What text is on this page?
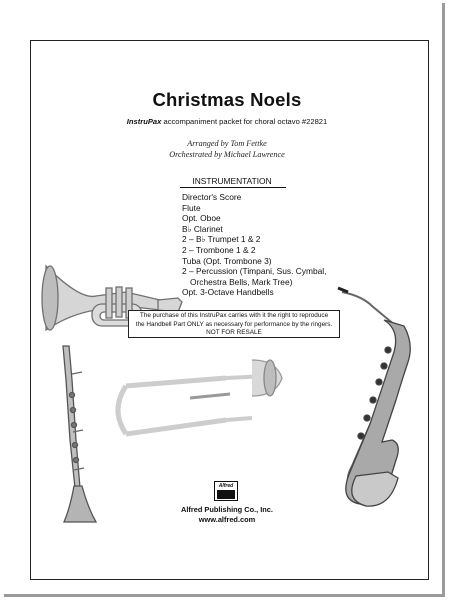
Christmas Noels
InstruPax accompaniment packet for choral octavo #22821
Arranged by Tom Fettke
Orchestrated by Michael Lawrence
INSTRUMENTATION
Director's Score
Flute
Opt. Oboe
B♭ Clarinet
2 – B♭ Trumpet 1 & 2
2 – Trombone 1 & 2
Tuba (Opt. Trombone 3)
2 – Percussion (Timpani, Sus. Cymbal,
Orchestra Bells, Mark Tree)
Opt. 3-Octave Handbells
The purchase of this InstruPax carries with it the right to reproduce
the Handbell Part ONLY as necessary for performance by the ringers.
NOT FOR RESALE
Alfred
Alfred Publishing Co., Inc.
www.alfred.com
